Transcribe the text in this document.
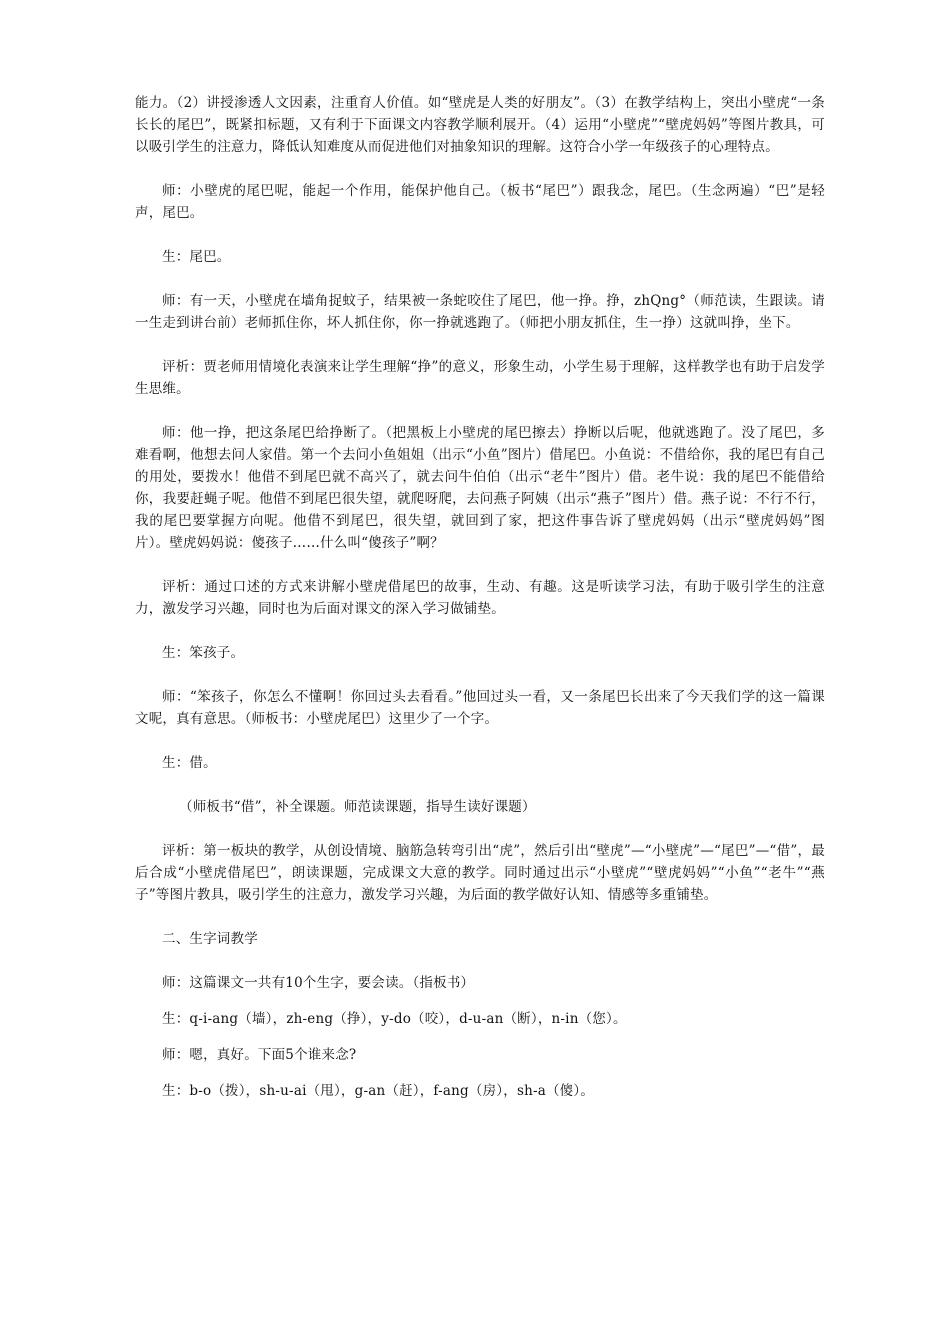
能力。（2）讲授渗透人文因素，注重育人价值。如“壁虎是人类的好朋友”。（3）在教学结构上，突出小壁虎“一条长长的尾巴”，既紧扣标题，又有利于下面课文内容教学顺利展开。（4）运用“小壁虎”“壁虎妈妈”等图片教具，可以吸引学生的注意力，降低认知难度从而促进他们对抽象知识的理解。这符合小学一年级孩子的心理特点。

师：小壁虎的尾巴呢，能起一个作用，能保护他自己。（板书“尾巴”）跟我念，尾巴。（生念两遍）“巴”是轻声，尾巴。

生：尾巴。

师：有一天，小壁虎在墙角捉蚊子，结果被一条蛇咬住了尾巴，他一挣。挣，zhQng°（师范读，生跟读。请一生走到讲台前）老师抓住你，坏人抓住你，你一挣就逃跑了。（师把小朋友抓住，生一挣）这就叫挣，坐下。

评析：贾老师用情境化表演来让学生理解“挣”的意义，形象生动，小学生易于理解，这样教学也有助于启发学生思维。

师：他一挣，把这条尾巴给挣断了。（把黑板上小壁虎的尾巴擦去）挣断以后呢，他就逃跑了。没了尾巴，多难看啊，他想去问人家借。第一个去问小鱼姐姐（出示“小鱼”图片）借尾巴。小鱼说：不借给你，我的尾巴有自己的用处，要拨水！他借不到尾巴就不高兴了，就去问牛伯伯（出示“老牛”图片）借。老牛说：我的尾巴不能借给你，我要赶蝇子呢。他借不到尾巴很失望，就爬呀爬，去问燕子阿姨（出示“燕子”图片）借。燕子说：不行不行，我的尾巴要掌握方向呢。他借不到尾巴，很失望，就回到了家，把这件事告诉了壁虎妈妈（出示“壁虎妈妈”图片）。壁虎妈妈说：傻孩子……什么叫“傻孩子”啊？

评析：通过口述的方式来讲解小壁虎借尾巴的故事，生动、有趣。这是听读学习法，有助于吸引学生的注意力，激发学习兴趣，同时也为后面对课文的深入学习做铺垫。

生：笨孩子。

师：“笨孩子，你怎么不懂啊！你回过头去看看。”他回过头一看，又一条尾巴长出来了今天我们学的这一篇课文呢，真有意思。（师板书：小壁虎尾巴）这里少了一个字。

生：借。

（师板书“借”，补全课题。师范读课题，指导生读好课题）

评析：第一板块的教学，从创设情境、脑筋急转弯引出“虎”，然后引出“壁虎”—“小壁虎”—“尾巴”—“借”，最后合成“小壁虎借尾巴”，朗读课题，完成课文大意的教学。同时通过出示“小壁虎”“壁虎妈妈”“小鱼”“老牛”“燕子”等图片教具，吸引学生的注意力，激发学习兴趣，为后面的教学做好认知、情感等多重铺垫。

二、生字词教学

师：这篇课文一共有10个生字，要会读。（指板书）

生：q-i-ang（墙），zh-eng（挣），y-do（咬），d-u-an（断），n-in（您）。

师：嗯，真好。下面5个谁来念?

生：b-o（拨），sh-u-ai（甩），g-an（赶），f-ang（房），sh-a（傻）。
